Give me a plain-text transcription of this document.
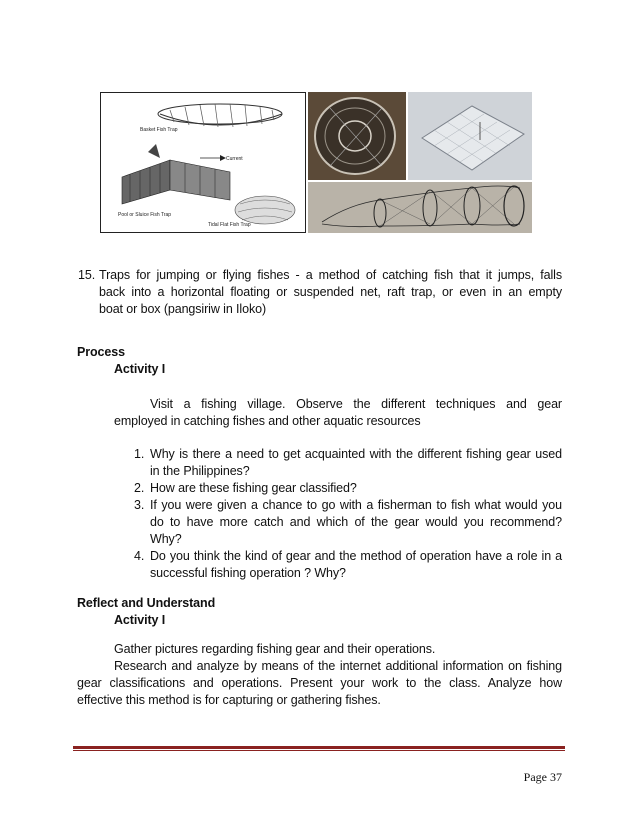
Basket Fish Trap
Current
Pool or Sluice Fish Trap
Tidal Flat Fish Trap
15. Traps for jumping or flying fishes - a method of catching fish that it jumps, falls
back into a horizontal floating or suspended net, raft trap, or even in an empty
boat or box (pangsiriw in Iloko)
Process
Activity I
Visit a fishing village. Observe the different techniques and gear
employed in catching fishes and other aquatic resources
1. Why is there a need to get acquainted with the different fishing gear used
in the Philippines?
2. How are these fishing gear classified?
3. If you were given a chance to go with a fisherman to fish what would you
do to have more catch and which of the gear would you recommend?
Why?
4. Do you think the kind of gear and the method of operation have a role in a
successful fishing operation ? Why?
Reflect and Understand
Activity I
Gather pictures regarding fishing gear and their operations.
Research and analyze by means of the internet additional information on fishing
gear classifications and operations. Present your work to the class. Analyze how
effective this method is for capturing or gathering fishes.
Page 37
